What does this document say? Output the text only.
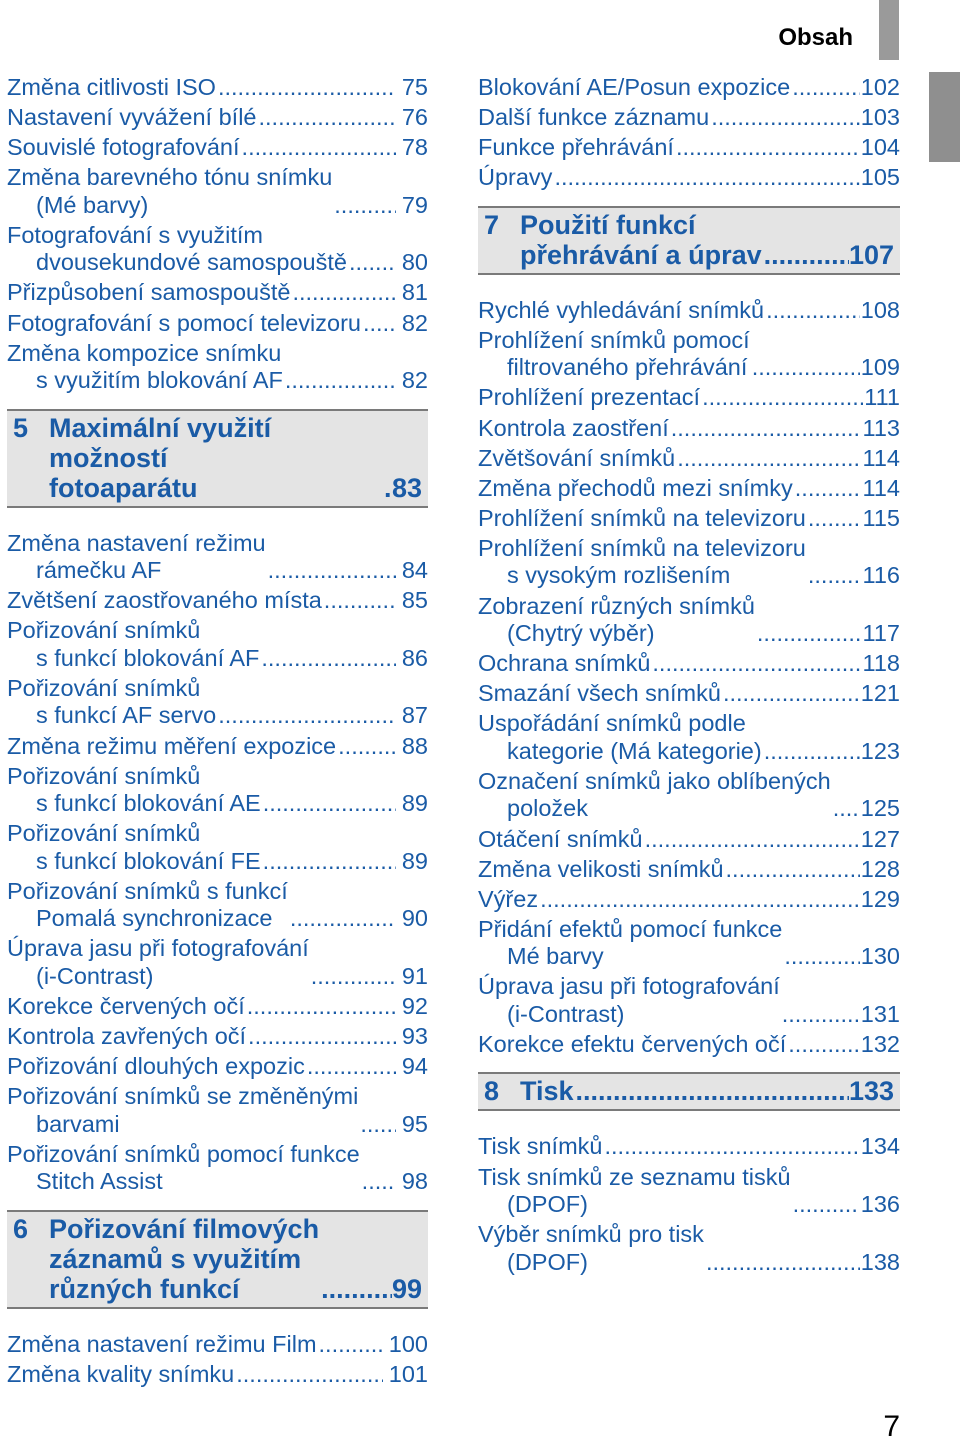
Obsah
Změna citlivosti ISO .....	75
Nastavení vyvážení bílé .....	76
Souvislé fotografování .....	78
Změna barevného tónu snímku
(Mé barvy) .....	79
Fotografování s využitím
dvousekundové samospouště ..... 80
Přizpůsobení samospouště .....	81
Fotografování s pomocí televizoru ..... 82
Změna kompozice snímku
s využitím blokování AF .....	82
5 Maximální využití možností
fotoaparátu .....	83
Změna nastavení režimu
rámečku AF .....	84
Zvětšení zaostřovaného místa .....	85
Pořizování snímků
s funkcí blokování AF .....	86
Pořizování snímků
s funkcí AF servo .....	87
Změna režimu měření expozice .....	88
Pořizování snímků
s funkcí blokování AE .....	89
Pořizování snímků
s funkcí blokování FE .....	89
Pořizování snímků s funkcí
Pomalá synchronizace .....	90
Úprava jasu při fotografování
(i-Contrast) .....	91
Korekce červených očí .....	92
Kontrola zavřených očí .....	93
Pořizování dlouhých expozic .....	94
Pořizování snímků se změněnými
barvami .....	95
Pořizování snímků pomocí funkce
Stitch Assist .....	98
6 Pořizování filmových
záznamů s využitím
různých funkcí .....	99
Změna nastavení režimu Film .....	100
Změna kvality snímku .....	101
Blokování AE/Posun expozice .....	102
Další funkce záznamu .....	103
Funkce přehrávání .....	104
Úpravy .....	105
7 Použití funkcí
přehrávání a úprav .....	107
Rychlé vyhledávání snímků .....	108
Prohlížení snímků pomocí
filtrovaného přehrávání .....	109
Prohlížení prezentací .....	111
Kontrola zaostření .....	113
Zvětšování snímků .....	114
Změna přechodů mezi snímky .....	114
Prohlížení snímků na televizoru ..... 115
Prohlížení snímků na televizoru
s vysokým rozlišením .....	116
Zobrazení různých snímků
(Chytrý výběr) .....	117
Ochrana snímků .....	118
Smazání všech snímků .....	121
Uspořádání snímků podle
kategorie (Má kategorie) .....	123
Označení snímků jako oblíbených
položek .....	125
Otáčení snímků .....	127
Změna velikosti snímků .....	128
Výřez .....	129
Přidání efektů pomocí funkce
Mé barvy .....	130
Úprava jasu při fotografování
(i-Contrast) .....	131
Korekce efektu červených očí .....	132
8 Tisk .....	133
Tisk snímků .....	134
Tisk snímků ze seznamu tisků
(DPOF) .....	136
Výběr snímků pro tisk
(DPOF) .....	138
7
